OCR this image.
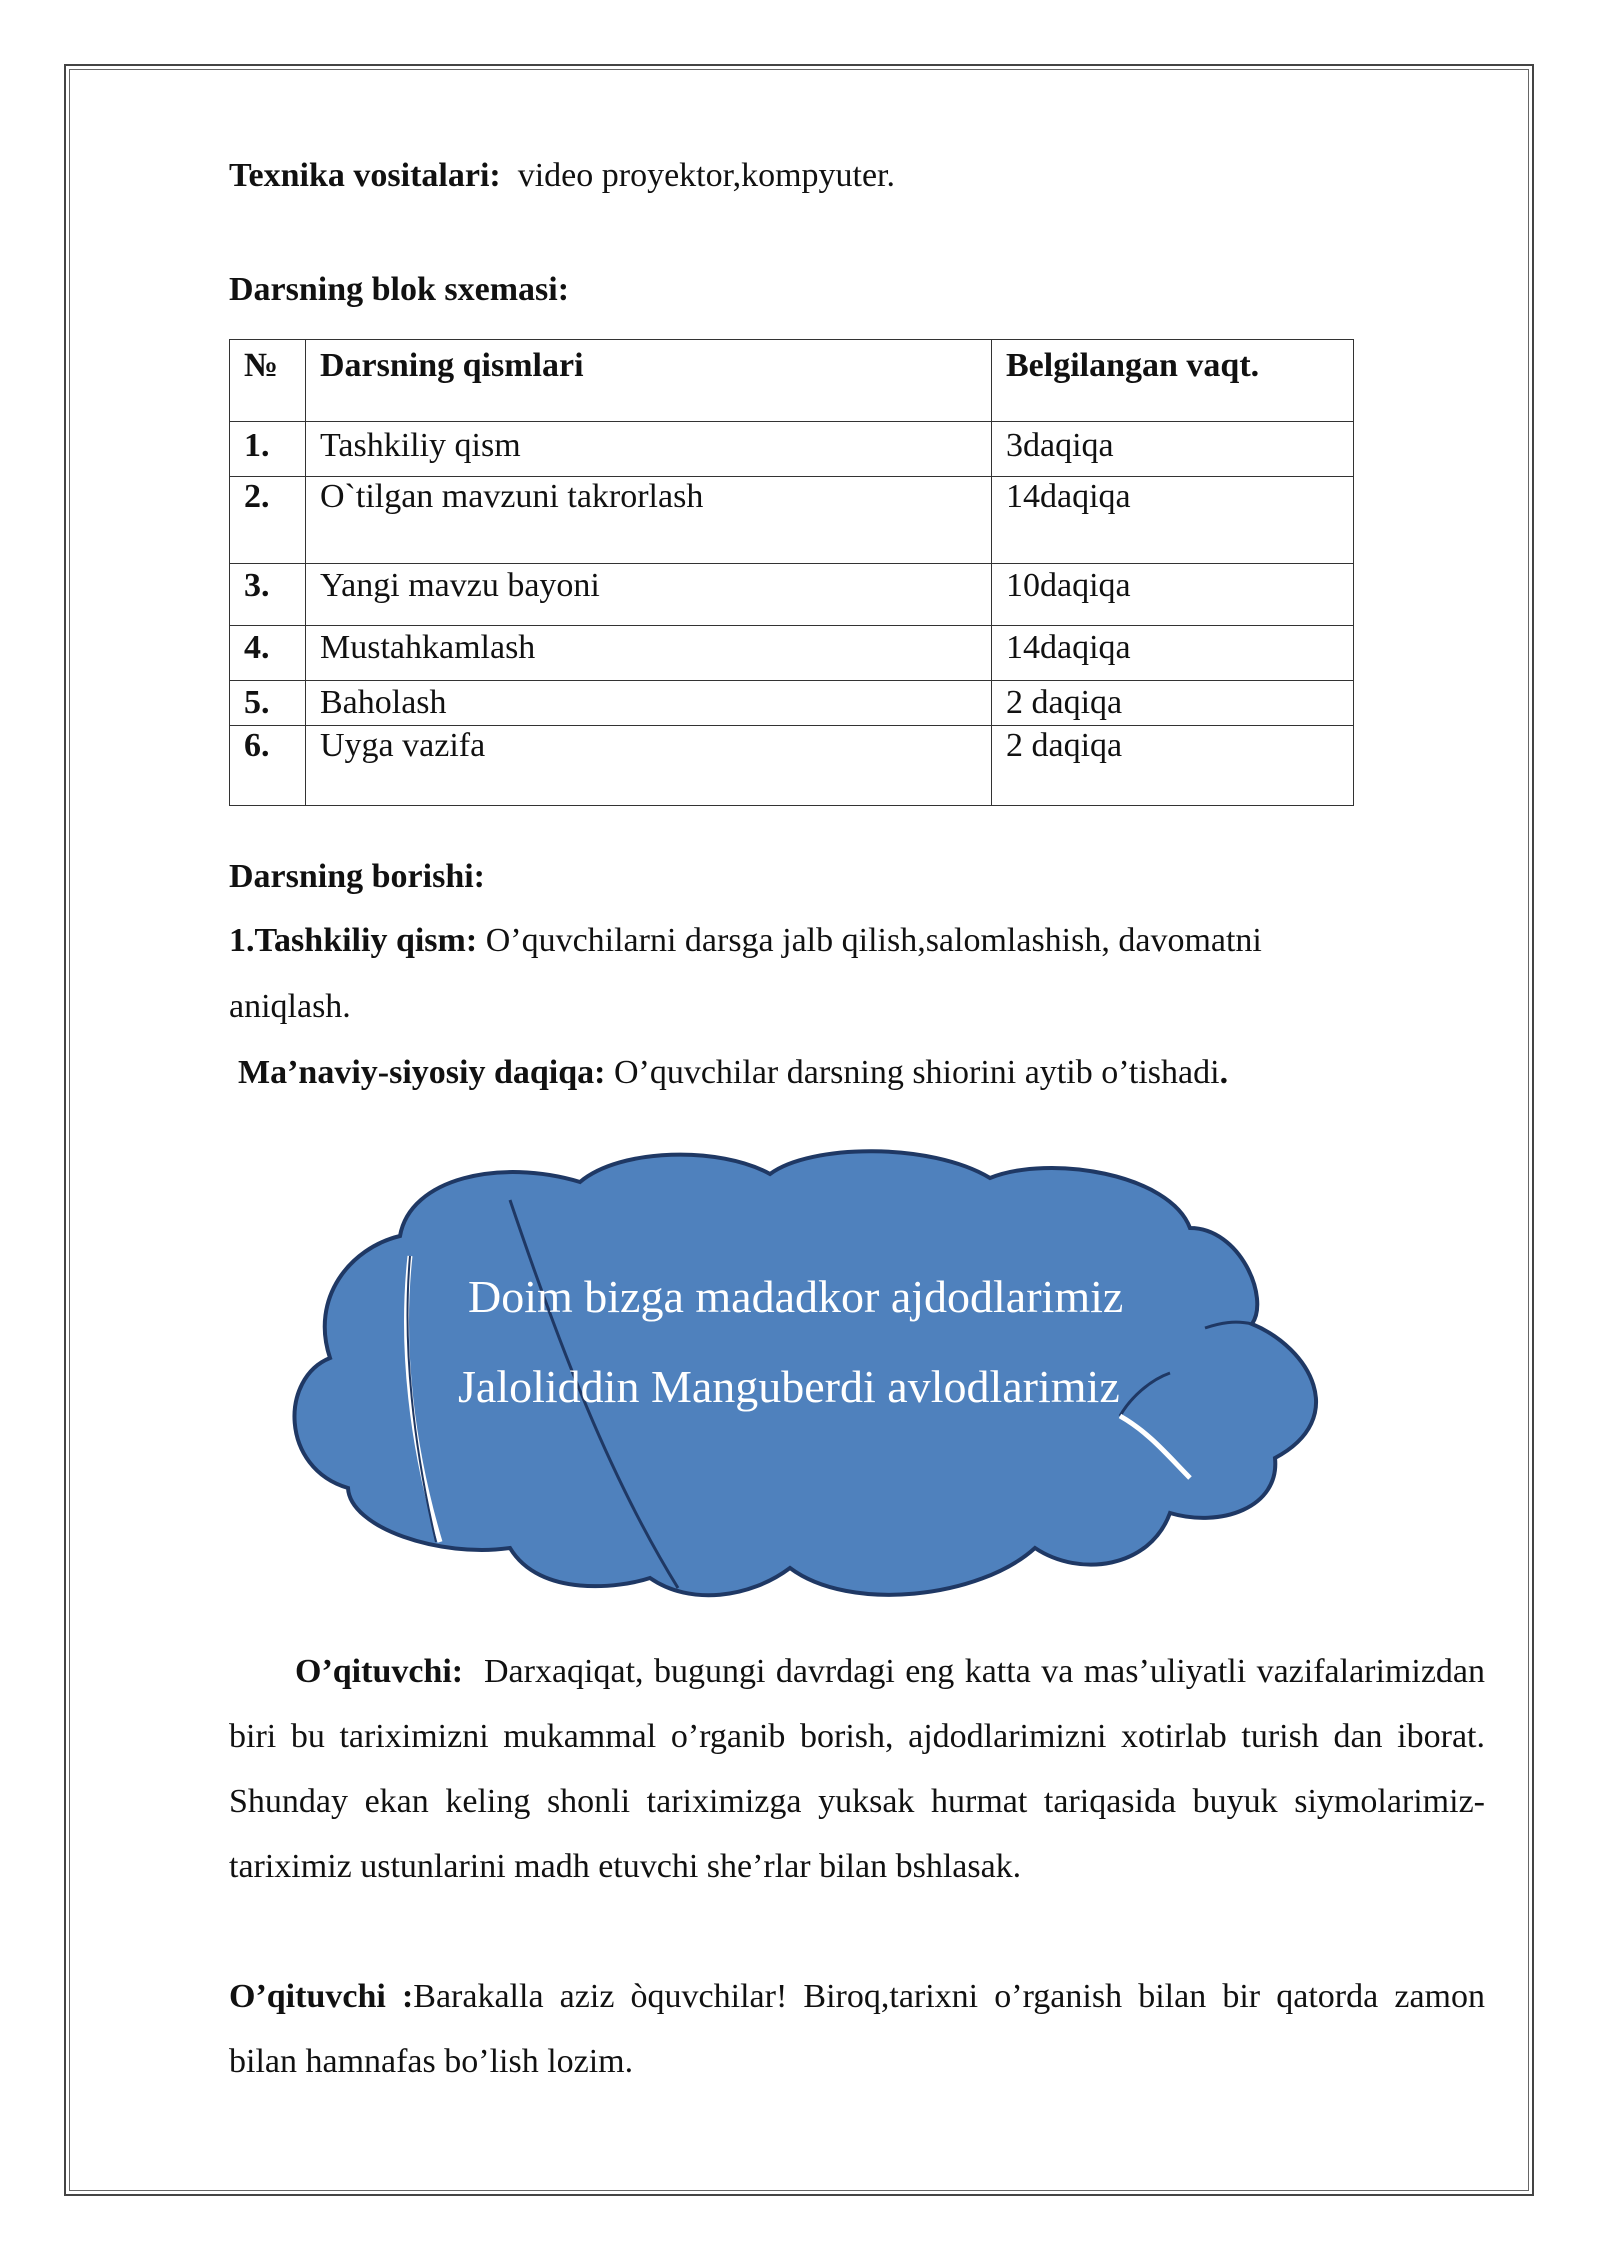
Texnika vositalari: video proyektor,kompyuter.

Darsning blok sxemasi:

№	Darsning qismlari	Belgilangan vaqt.
1.	Tashkiliy qism	3daqiqa
2.	O`tilgan mavzuni takrorlash	14daqiqa
3.	Yangi mavzu bayoni	10daqiqa
4.	Mustahkamlash	14daqiqa
5.	Baholash	2 daqiqa
6.	Uyga vazifa	2 daqiqa

Darsning borishi:

1.Tashkiliy qism: O’quvchilarni darsga jalb qilish,salomlashish, davomatni

aniqlash.

Ma’naviy-siyosiy daqiqa: O’quvchilar darsning shiorini aytib o’tishadi.

Doim bizga madadkor ajdodlarimiz
Jaloliddin Manguberdi avlodlarimiz

O’qituvchi: Darxaqiqat, bugungi davrdagi eng katta va mas’uliyatli vazifalarimizdan biri bu tariximizni mukammal o’rganib borish, ajdodlarimizni xotirlab turish dan iborat. Shunday ekan keling shonli tariximizga yuksak hurmat tariqasida buyuk siymolarimiz-tariximiz ustunlarini madh etuvchi she’rlar bilan bshlasak.

O’qituvchi :Barakalla aziz òquvchilar! Biroq,tarixni o’rganish bilan bir qatorda zamon bilan hamnafas bo’lish lozim.
